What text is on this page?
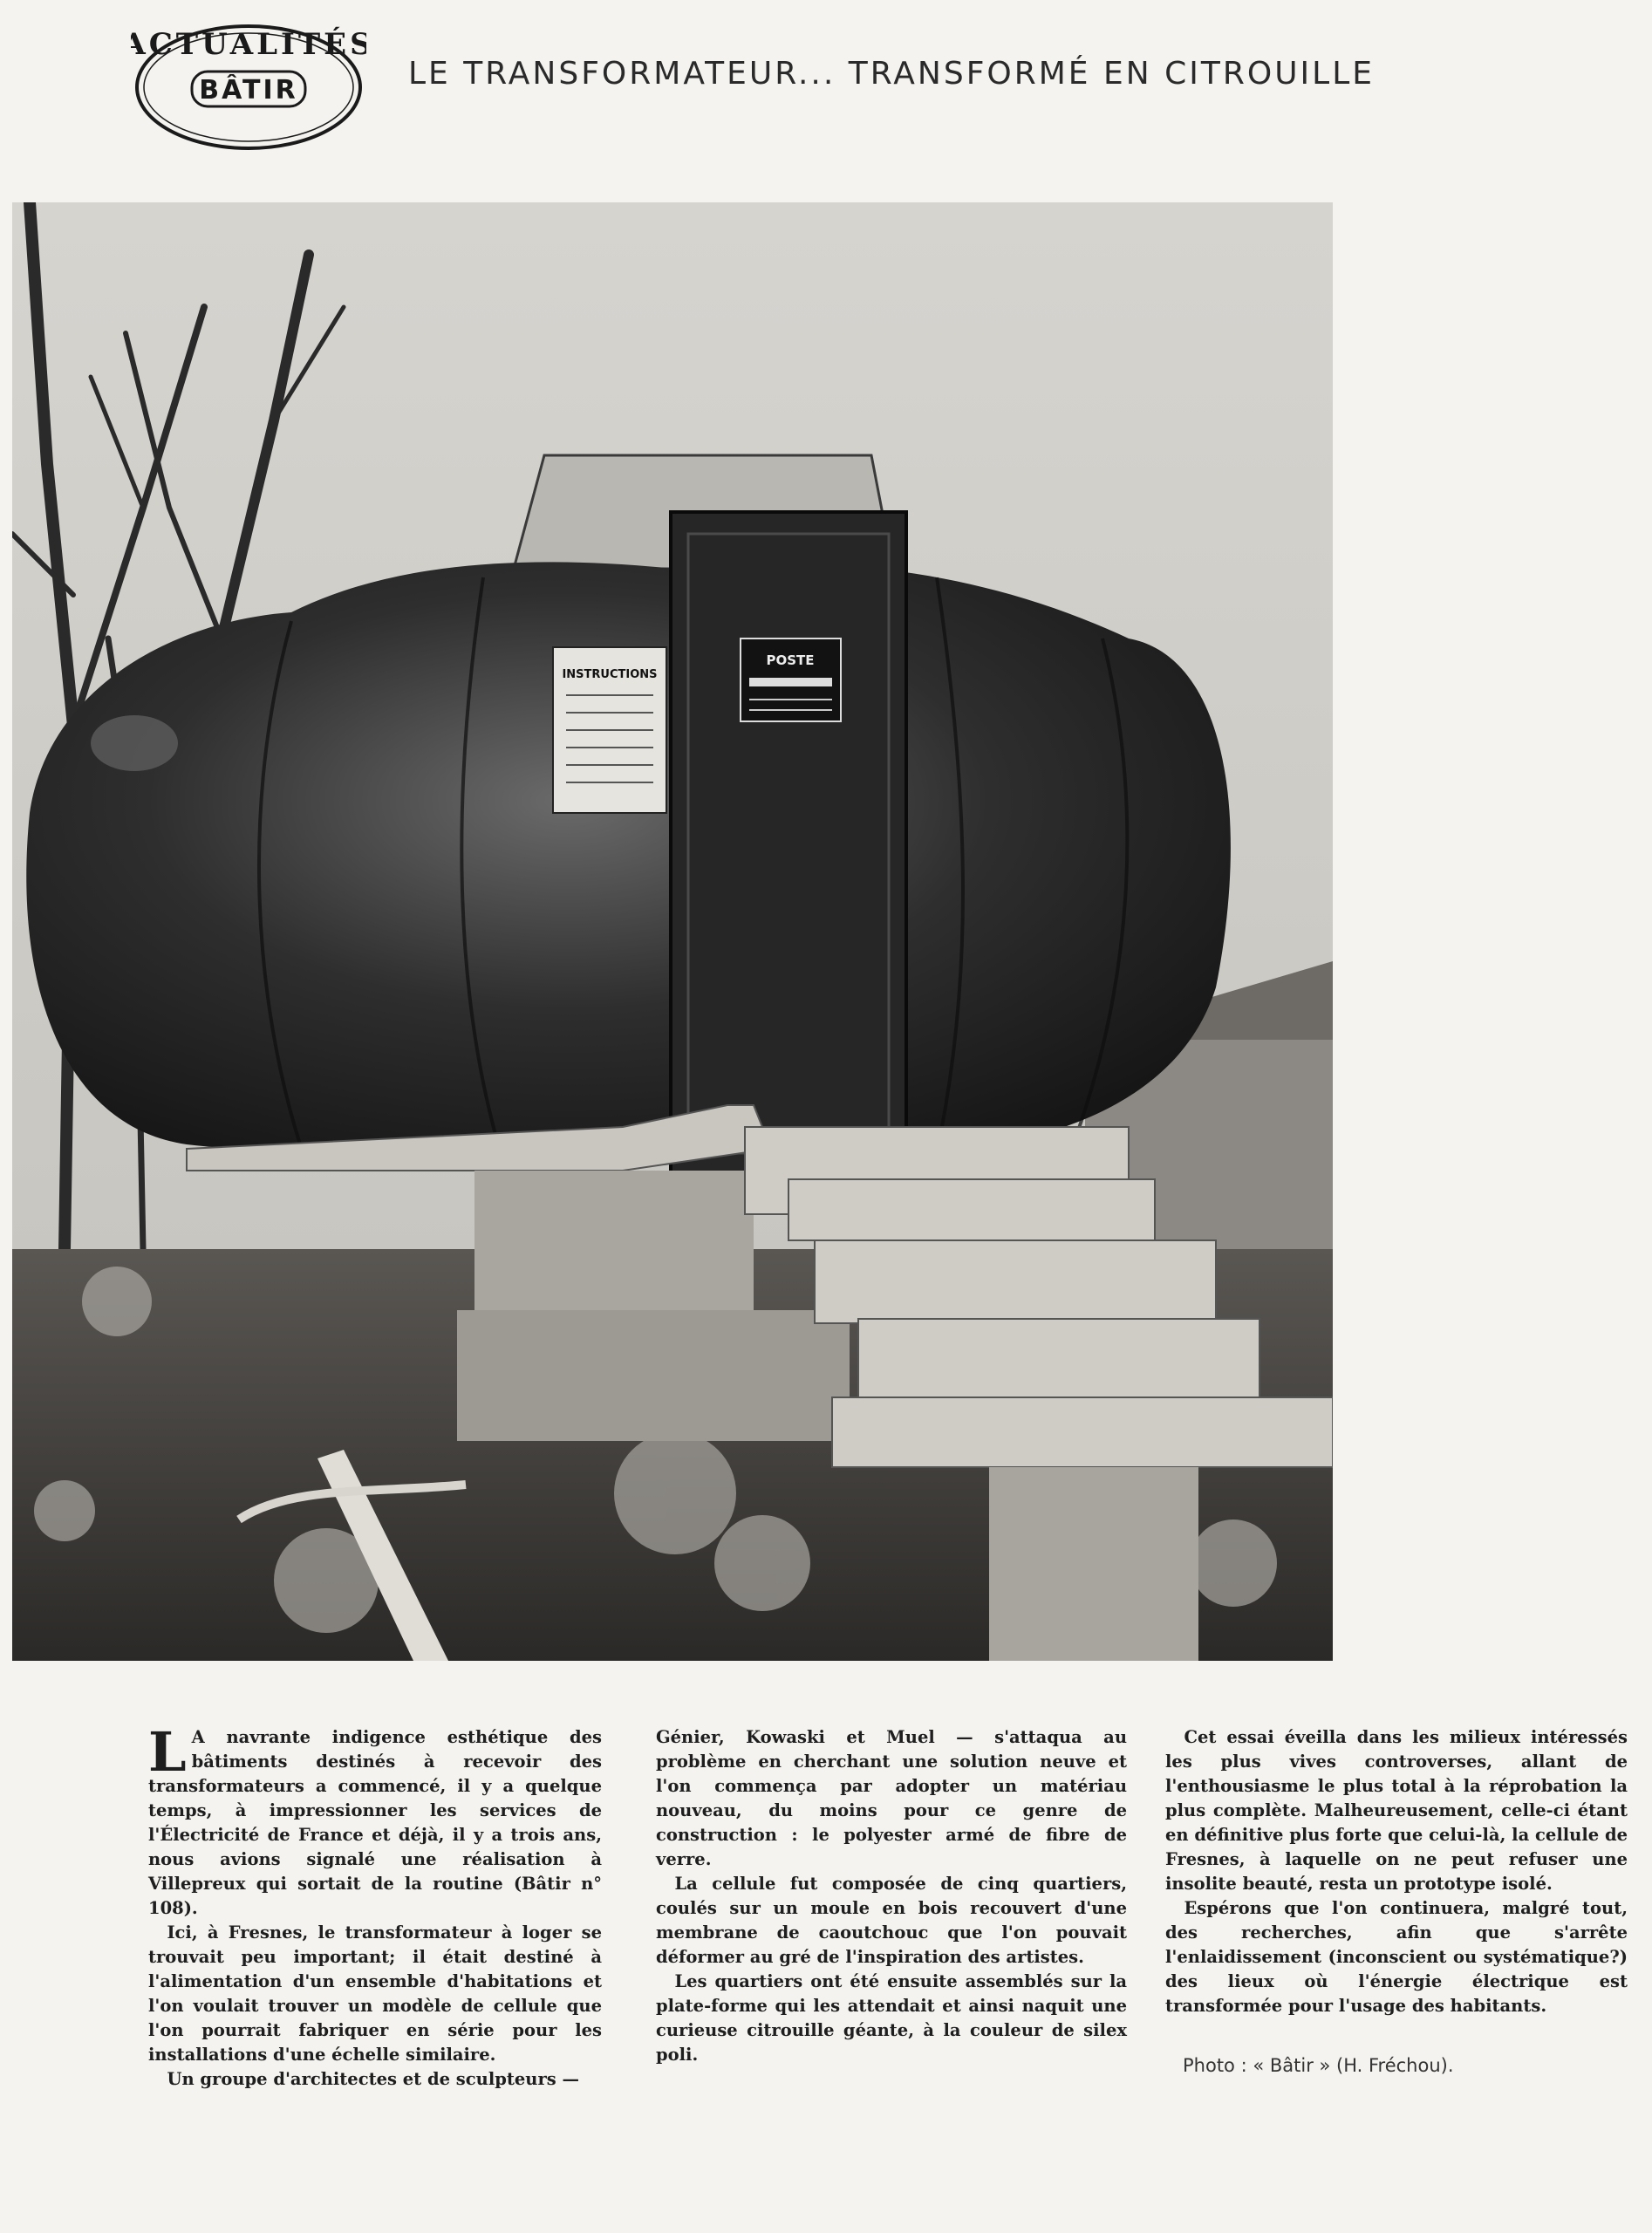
ACTUALITÉS
BÂTIR	LE TRANSFORMATEUR... TRANSFORMÉ EN CITROUILLE
INSTRUCTIONS
POSTE

L A navrante indigence esthétique des bâtiments destinés à recevoir des transformateurs a commencé, il y a quelque temps, à impressionner les services de l'Électricité de France et déjà, il y a trois ans, nous avions signalé une réalisation à Villepreux qui sortait de la routine (Bâtir n° 108).

Ici, à Fresnes, le transformateur à loger se trouvait peu important; il était destiné à l'alimentation d'un ensemble d'habitations et l'on voulait trouver un modèle de cellule que l'on pourrait fabriquer en série pour les installations d'une échelle similaire.

Un groupe d'architectes et de sculpteurs —

Génier, Kowaski et Muel — s'attaqua au problème en cherchant une solution neuve et l'on commença par adopter un matériau nouveau, du moins pour ce genre de construction : le polyester armé de fibre de verre.

La cellule fut composée de cinq quartiers, coulés sur un moule en bois recouvert d'une membrane de caoutchouc que l'on pouvait déformer au gré de l'inspiration des artistes.

Les quartiers ont été ensuite assemblés sur la plate-forme qui les attendait et ainsi naquit une curieuse citrouille géante, à la couleur de silex poli.

Cet essai éveilla dans les milieux intéressés les plus vives controverses, allant de l'enthousiasme le plus total à la réprobation la plus complète. Malheureusement, celle-ci étant en définitive plus forte que celui-là, la cellule de Fresnes, à laquelle on ne peut refuser une insolite beauté, resta un prototype isolé.

Espérons que l'on continuera, malgré tout, des recherches, afin que s'arrête l'enlaidissement (inconscient ou systématique?) des lieux où l'énergie électrique est transformée pour l'usage des habitants.

Photo : « Bâtir » (H. Fréchou).
